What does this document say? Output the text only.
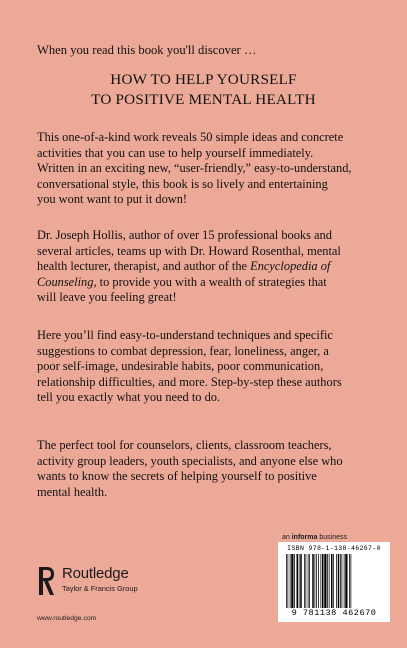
When you read this book you'll discover …
HOW TO HELP YOURSELF
TO POSITIVE MENTAL HEALTH
This one-of-a-kind work reveals 50 simple ideas and concrete
activities that you can use to help yourself immediately.
Written in an exciting new, “user-friendly,” easy-to-understand,
conversational style, this book is so lively and entertaining
you wont want to put it down!
Dr. Joseph Hollis, author of over 15 professional books and
several articles, teams up with Dr. Howard Rosenthal, mental
health lecturer, therapist, and author of the Encyclopedia of
Counseling, to provide you with a wealth of strategies that
will leave you feeling great!
Here you’ll find easy-to-understand techniques and specific
suggestions to combat depression, fear, loneliness, anger, a
poor self-image, undesirable habits, poor communication,
relationship difficulties, and more. Step-by-step these authors
tell you exactly what you need to do.
The perfect tool for counselors, clients, classroom teachers,
activity group leaders, youth specialists, and anyone else who
wants to know the secrets of helping yourself to positive
mental health.
Routledge
Taylor & Francis Group
www.routledge.com
an informa business
ISBN 978-1-138-46267-0
9 781138 462670
